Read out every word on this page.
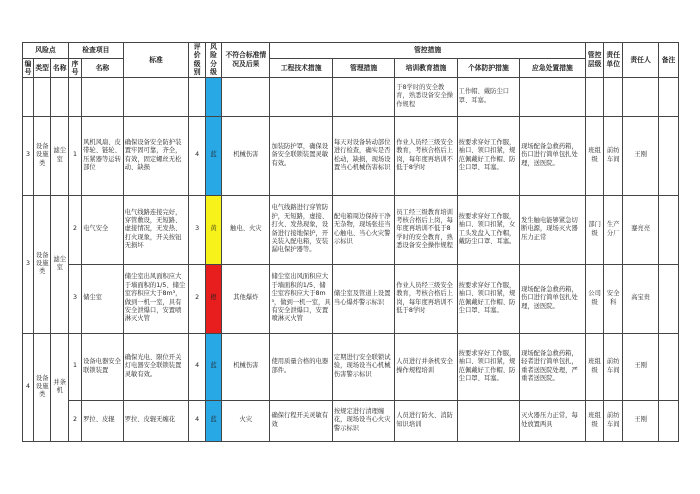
风险点			检查项目		标准	评价级别	风险分级	不符合标准情况及后果	管控措施					管控层级	责任单位	责任人	备注
编号	类型	名称	序号	名称					工程技术措施	管理措施	培训教育措施	个体防护措施	应急处置措施				

				于8学时的安全教育，熟悉设备安全操作规程	工作帽、戴防尘口罩、耳塞。					
3	设备设施类	滤尘室	1	风机风扇、皮带轮、链轮、压紧器等运转部位	确保设备安全防护装置牢固可靠，齐全，有效，固定螺丝无松动、缺损	4	蓝	机械伤害	加装防护罩，确保设备安全联锁装置灵敏有效。	每天对设备转动部位进行检查，确实是否松动，缺损，现场设置当心机械伤害标识	作业人员经三级安全教育，考核合格后上岗，每年度再培训不低于8学时	按要求穿好工作服，袖口、领口扣紧，规范佩戴好工作帽、防尘口罩、耳塞。	现场配备急救药箱，伤口进行简单包扎处理，送医院。	班组级	前纺车间	王刚	
3	设备设施类	滤尘室	2	电气安全	电气线路连接完好，穿管敷设，无短路、虚接情况，无发热、打火现象，开关按钮无损坏	3	黄	触电、火灾	电气线路进行穿管防护，无短路，虚接、打火、发热现象，设备进行接地保护，开关装入配电箱，安装漏电保护器等。	配电箱周边保持干净无杂物，现场张挂当心触电、当心火灾警示标识	员工经三级教育培训考核合格后上岗，每年度再培训不低于8学时的安全教育，熟悉设备安全操作规程	按要求穿好工作服，袖口、领口扣紧，女工头发盘入工作帽，戴防尘口罩、耳塞。	发生触电能够紧急切断电源，现场灭火器压力正常	部门级	生产分厂	蹇亮亮	
			3	储尘室	储尘室出风面积应大于墙面积的1/5、储尘室容积应大于8m³，做到一机一室，具有安全泄爆口，安置喷淋灭火管	2	橙	其他爆炸	储尘室出风面积应大于墙面积的1/5、储尘室容积应大于8m³，做到一机一室，具有安全泄爆口，安置喷淋灭火管	储尘室及管道上设置当心爆炸警示标识	作业人员经三级安全教育，考核合格后上岗，每年度再培训不低于8学时	按要求穿好工作服，袖口、领口扣紧，规范佩戴好工作帽、防尘口罩、耳塞。	现场配备急救药箱，伤口进行简单包扎处理，送医院。	公司级	安全科	高宝贵	
4	设备设施类	并条机	1	设备电器安全联锁装置	确保光电、限位开关灯电器安全联锁装置灵敏有效。	4	蓝	机械伤害	使用质量合格的电器部件。	定期进行安全联锁试验，现场设当心机械伤害警示标识	人员进行并条机安全操作规程培训	按要求穿好工作服，袖口、领口扣紧，规范佩戴好工作帽、防尘口罩、耳塞。	现场配备急救药箱，轻者进行简单包扎，重者送医院处理，严重者送医院。	班组级	前纺车间	王刚	
			2	罗拉、皮辊	罗拉、皮辊无缠花	4	蓝	火灾	确保行程开关灵敏有效	按规定进行清理缠花，现场设当心火灾警示标识	人员进行防火、消防知识培训		灭火器压力正常，每处放置两具	班组级	前纺车间	王刚	
